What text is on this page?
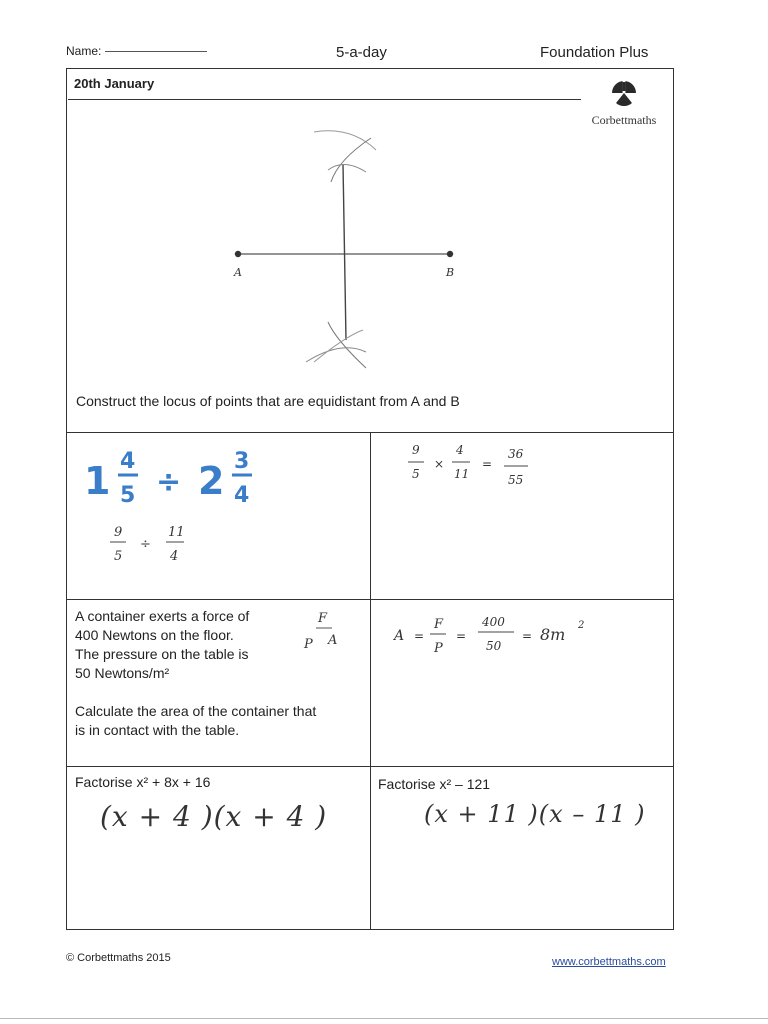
Name:	5-a-day	Foundation Plus
20th January
Corbettmaths
A	B
Construct the locus of points that are equidistant from A and B
1 4
5 ÷ 2 3
4
9
5
÷
11
4
9
5
×
4
11
=
36
55

A container exerts a force of

400 Newtons on the floor.

The pressure on the table is

50 Newtons/m²

Calculate the area of the container that

is in contact with the table.

F
P A	A =
F
P
=
400
50
= 8m 2
Factorise x² + 8x + 16
(x + 4 )(x + 4 )
Factorise x² – 121
(x + 11 )(x – 11 )
© Corbettmaths 2015	www.corbettmaths.com
